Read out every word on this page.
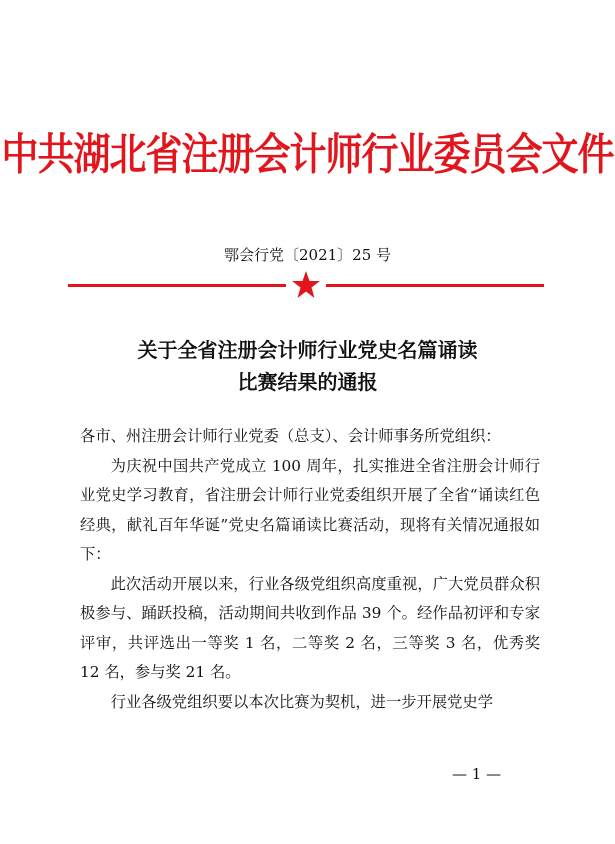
中共湖北省注册会计师行业委员会文件
鄂会行党〔2021〕25 号
关于全省注册会计师行业党史名篇诵读
比赛结果的通报

各市、州注册会计师行业党委（总支）、会计师事务所党组织：

为庆祝中国共产党成立 100 周年，扎实推进全省注册会计师行业党史学习教育，省注册会计师行业党委组织开展了全省“诵读红色经典，献礼百年华诞”党史名篇诵读比赛活动，现将有关情况通报如下：

此次活动开展以来，行业各级党组织高度重视，广大党员群众积极参与、踊跃投稿，活动期间共收到作品 39 个。经作品初评和专家评审，共评选出一等奖 1 名，二等奖 2 名，三等奖 3 名，优秀奖 12 名，参与奖 21 名。

行业各级党组织要以本次比赛为契机，进一步开展党史学

— 1 —
